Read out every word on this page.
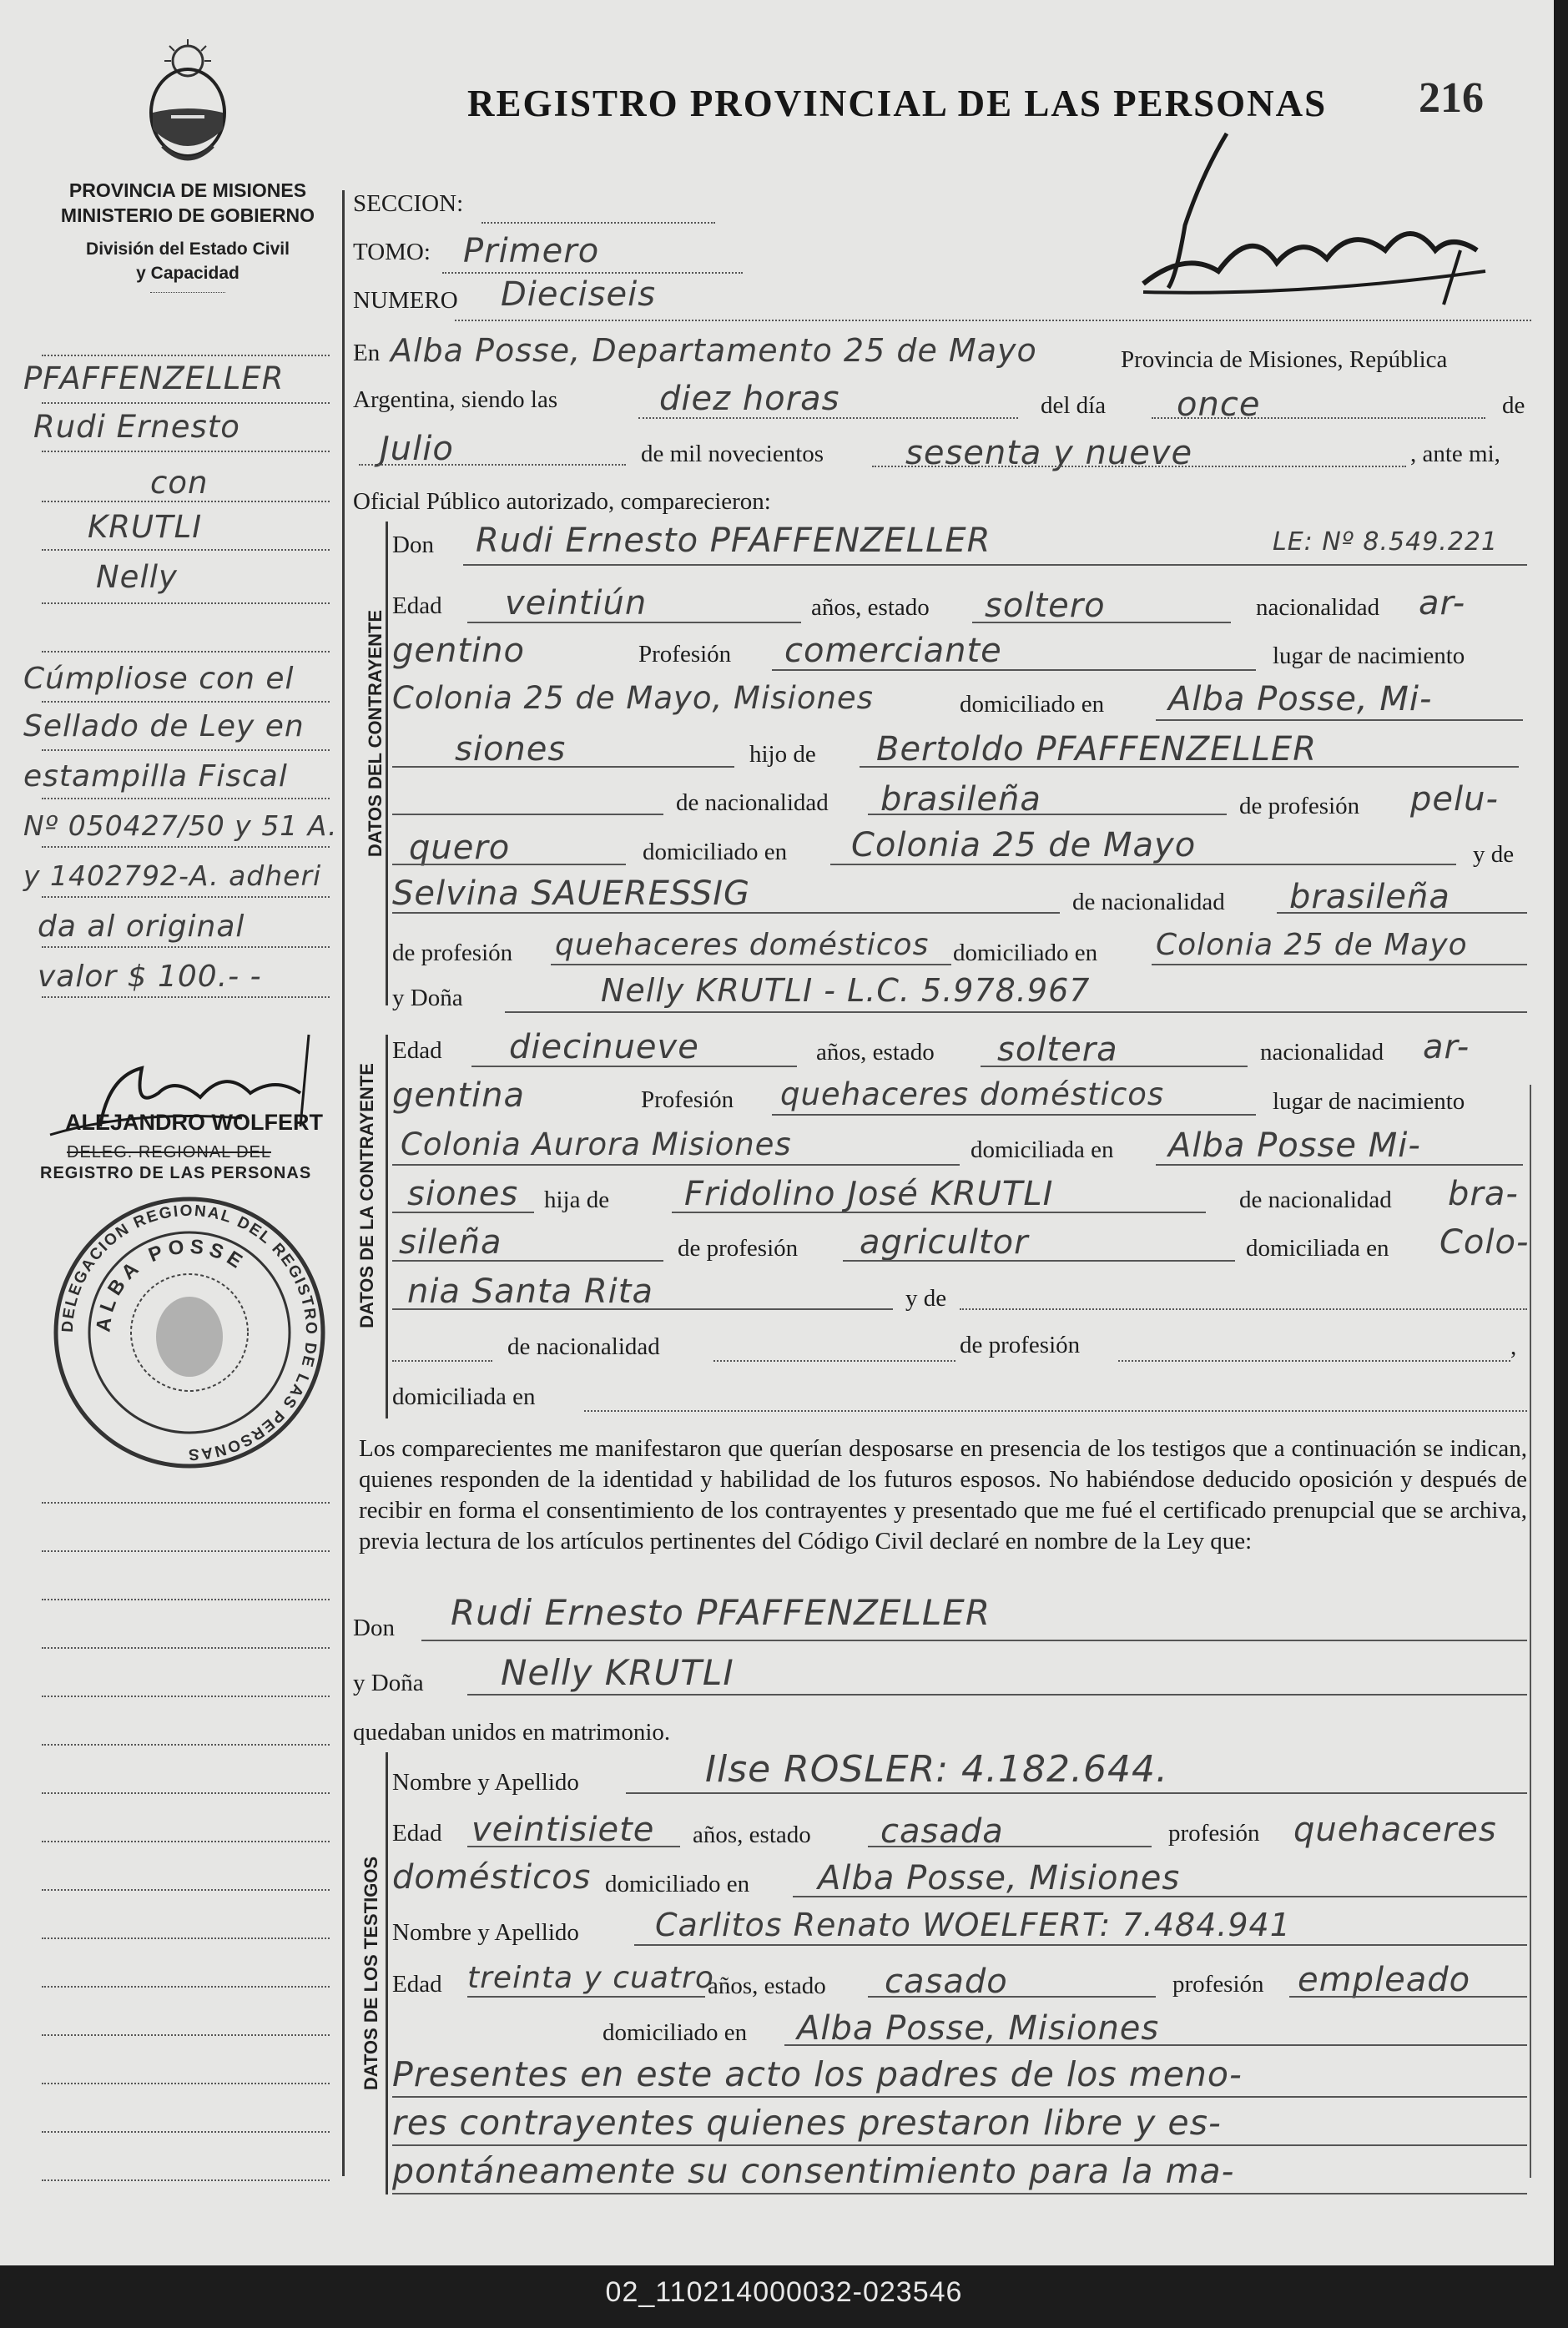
REGISTRO PROVINCIAL DE LAS PERSONAS 216
PROVINCIA DE MISIONES
MINISTERIO DE GOBIERNO
División del Estado Civil
y Capacidad
SECCION:
TOMO: Primero
NUMERO Dieciseis
En Alba Posse, Departamento 25 de Mayo	Provincia de Misiones, República
Argentina, siendo las	diez horas	del día once	de
Julio	de mil novecientos sesenta y nueve	, ante mi,
Oficial Público autorizado, comparecieron:
DATOS DEL CONTRAYENTE
Don Rudi Ernesto PFAFFENZELLER	LE: Nº 8.549.221
Edad veintiún	años, estado soltero	nacionalidad ar-
gentino	Profesión comerciante	lugar de nacimiento
Colonia 25 de Mayo, Misiones	domiciliado en Alba Posse, Mi-
siones	hijo de Bertoldo PFAFFENZELLER
de nacionalidad brasileña	de profesión pelu-
quero	domiciliado en Colonia 25 de Mayo	y de
Selvina SAUERESSIG	de nacionalidad brasileña
de profesión quehaceres domésticos domiciliado en Colonia 25 de Mayo
y Doña	Nelly KRUTLI - L.C. 5.978.967
DATOS DE LA CONTRAYENTE
Edad diecinueve	años, estado soltera	nacionalidad ar-
gentina	Profesión quehaceres domésticos	lugar de nacimiento
Colonia Aurora Misiones	domiciliada en Alba Posse Mi-
siones hija de Fridolino José KRUTLI	de nacionalidad bra-
sileña	de profesión agricultor	domiciliada en Colo-
nia Santa Rita	y de
de nacionalidad	de profesión	,
domiciliada en
Los comparecientes me manifestaron que querían desposarse en presencia de los testigos que a continuación se indican, quienes responden de la identidad y habilidad de los futuros esposos. No habiéndose deducido oposición y después de recibir en forma el consentimiento de los contrayentes y presentado que me fué el certificado prenupcial que se archiva, previa lectura de los artículos pertinentes del Código Civil declaré en nombre de la Ley que:
Don Rudi Ernesto PFAFFENZELLER
y Doña Nelly KRUTLI
quedaban unidos en matrimonio.
DATOS DE LOS TESTIGOS
Nombre y Apellido	Ilse ROSLER: 4.182.644.
Edad veintisiete años, estado casada	profesión quehaceres
domésticos domiciliado en Alba Posse, Misiones
Nombre y Apellido Carlitos Renato WOELFERT: 7.484.941
Edad treinta y cuatro
años, estado casado	profesión empleado
domiciliado en Alba Posse, Misiones
Presentes en este acto los padres de los meno-
res contrayentes quienes prestaron libre y es-
pontáneamente su consentimiento para la ma-
PFAFFENZELLER
Rudi Ernesto
con
KRUTLI
Nelly
Cúmpliose con el
Sellado de Ley en
estampilla Fiscal
Nº 050427/50 y 51 A.
y 1402792-A. adheri
da al original
valor $ 100.- -
ALEJANDRO WOLFERT
DELEG. REGIONAL DEL
REGISTRO DE LAS PERSONAS
DELEGACION REGIONAL DEL REGISTRO DE LAS PERSONAS
ALBA POSSE
02_110214000032-023546
